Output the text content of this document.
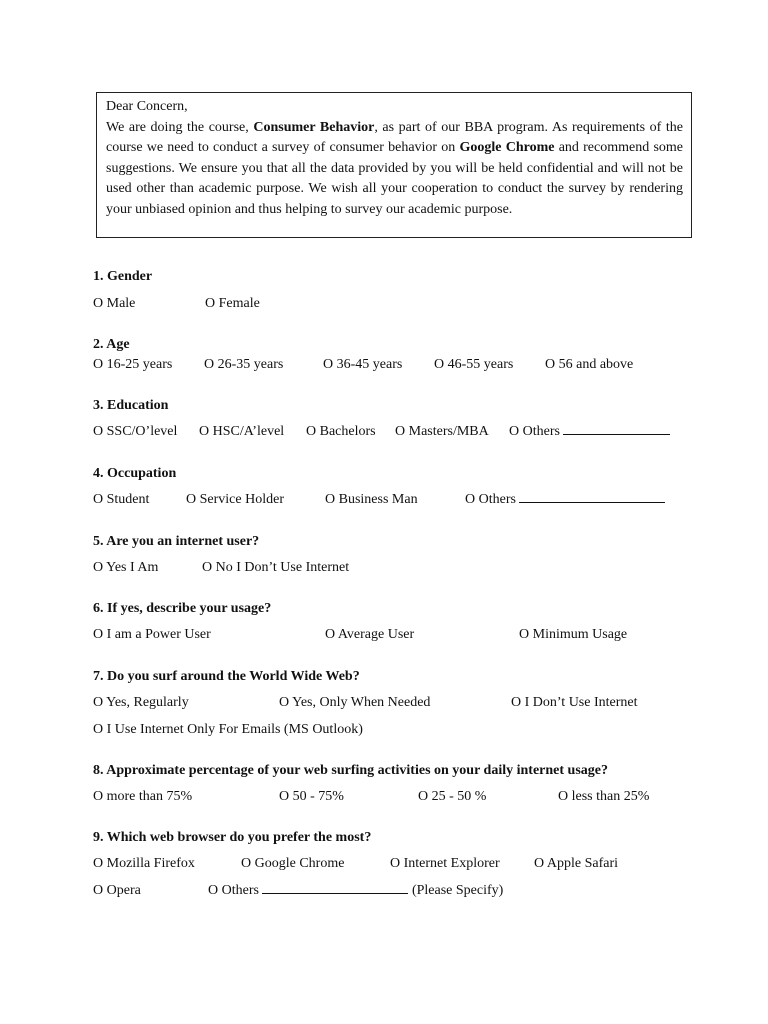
Dear Concern,
We are doing the course, Consumer Behavior, as part of our BBA program. As requirements of the course we need to conduct a survey of consumer behavior on Google Chrome and recommend some suggestions. We ensure you that all the data provided by you will be held confidential and will not be used other than academic purpose. We wish all your cooperation to conduct the survey by rendering your unbiased opinion and thus helping to survey our academic purpose.
1. Gender
O Male	O Female
2. Age
O 16-25 years O 26-35 years	O 36-45 years O 46-55 years O 56 and above
3. Education
O SSC/O’level O HSC/A’level O Bachelors O Masters/MBA O Others
4. Occupation
O Student	O Service Holder	O Business Man	O Others
5. Are you an internet user?
O Yes I Am	O No I Don’t Use Internet
6. If yes, describe your usage?
O I am a Power User	O Average User	O Minimum Usage
7. Do you surf around the World Wide Web?
O Yes, Regularly	O Yes, Only When Needed	O I Don’t Use Internet
O I Use Internet Only For Emails (MS Outlook)
8. Approximate percentage of your web surfing activities on your daily internet usage?
O more than 75%	O 50 - 75%	O 25 - 50 %	O less than 25%
9. Which web browser do you prefer the most?
O Mozilla Firefox	O Google Chrome	O Internet Explorer O Apple Safari
O Opera	O Others	(Please Specify)
